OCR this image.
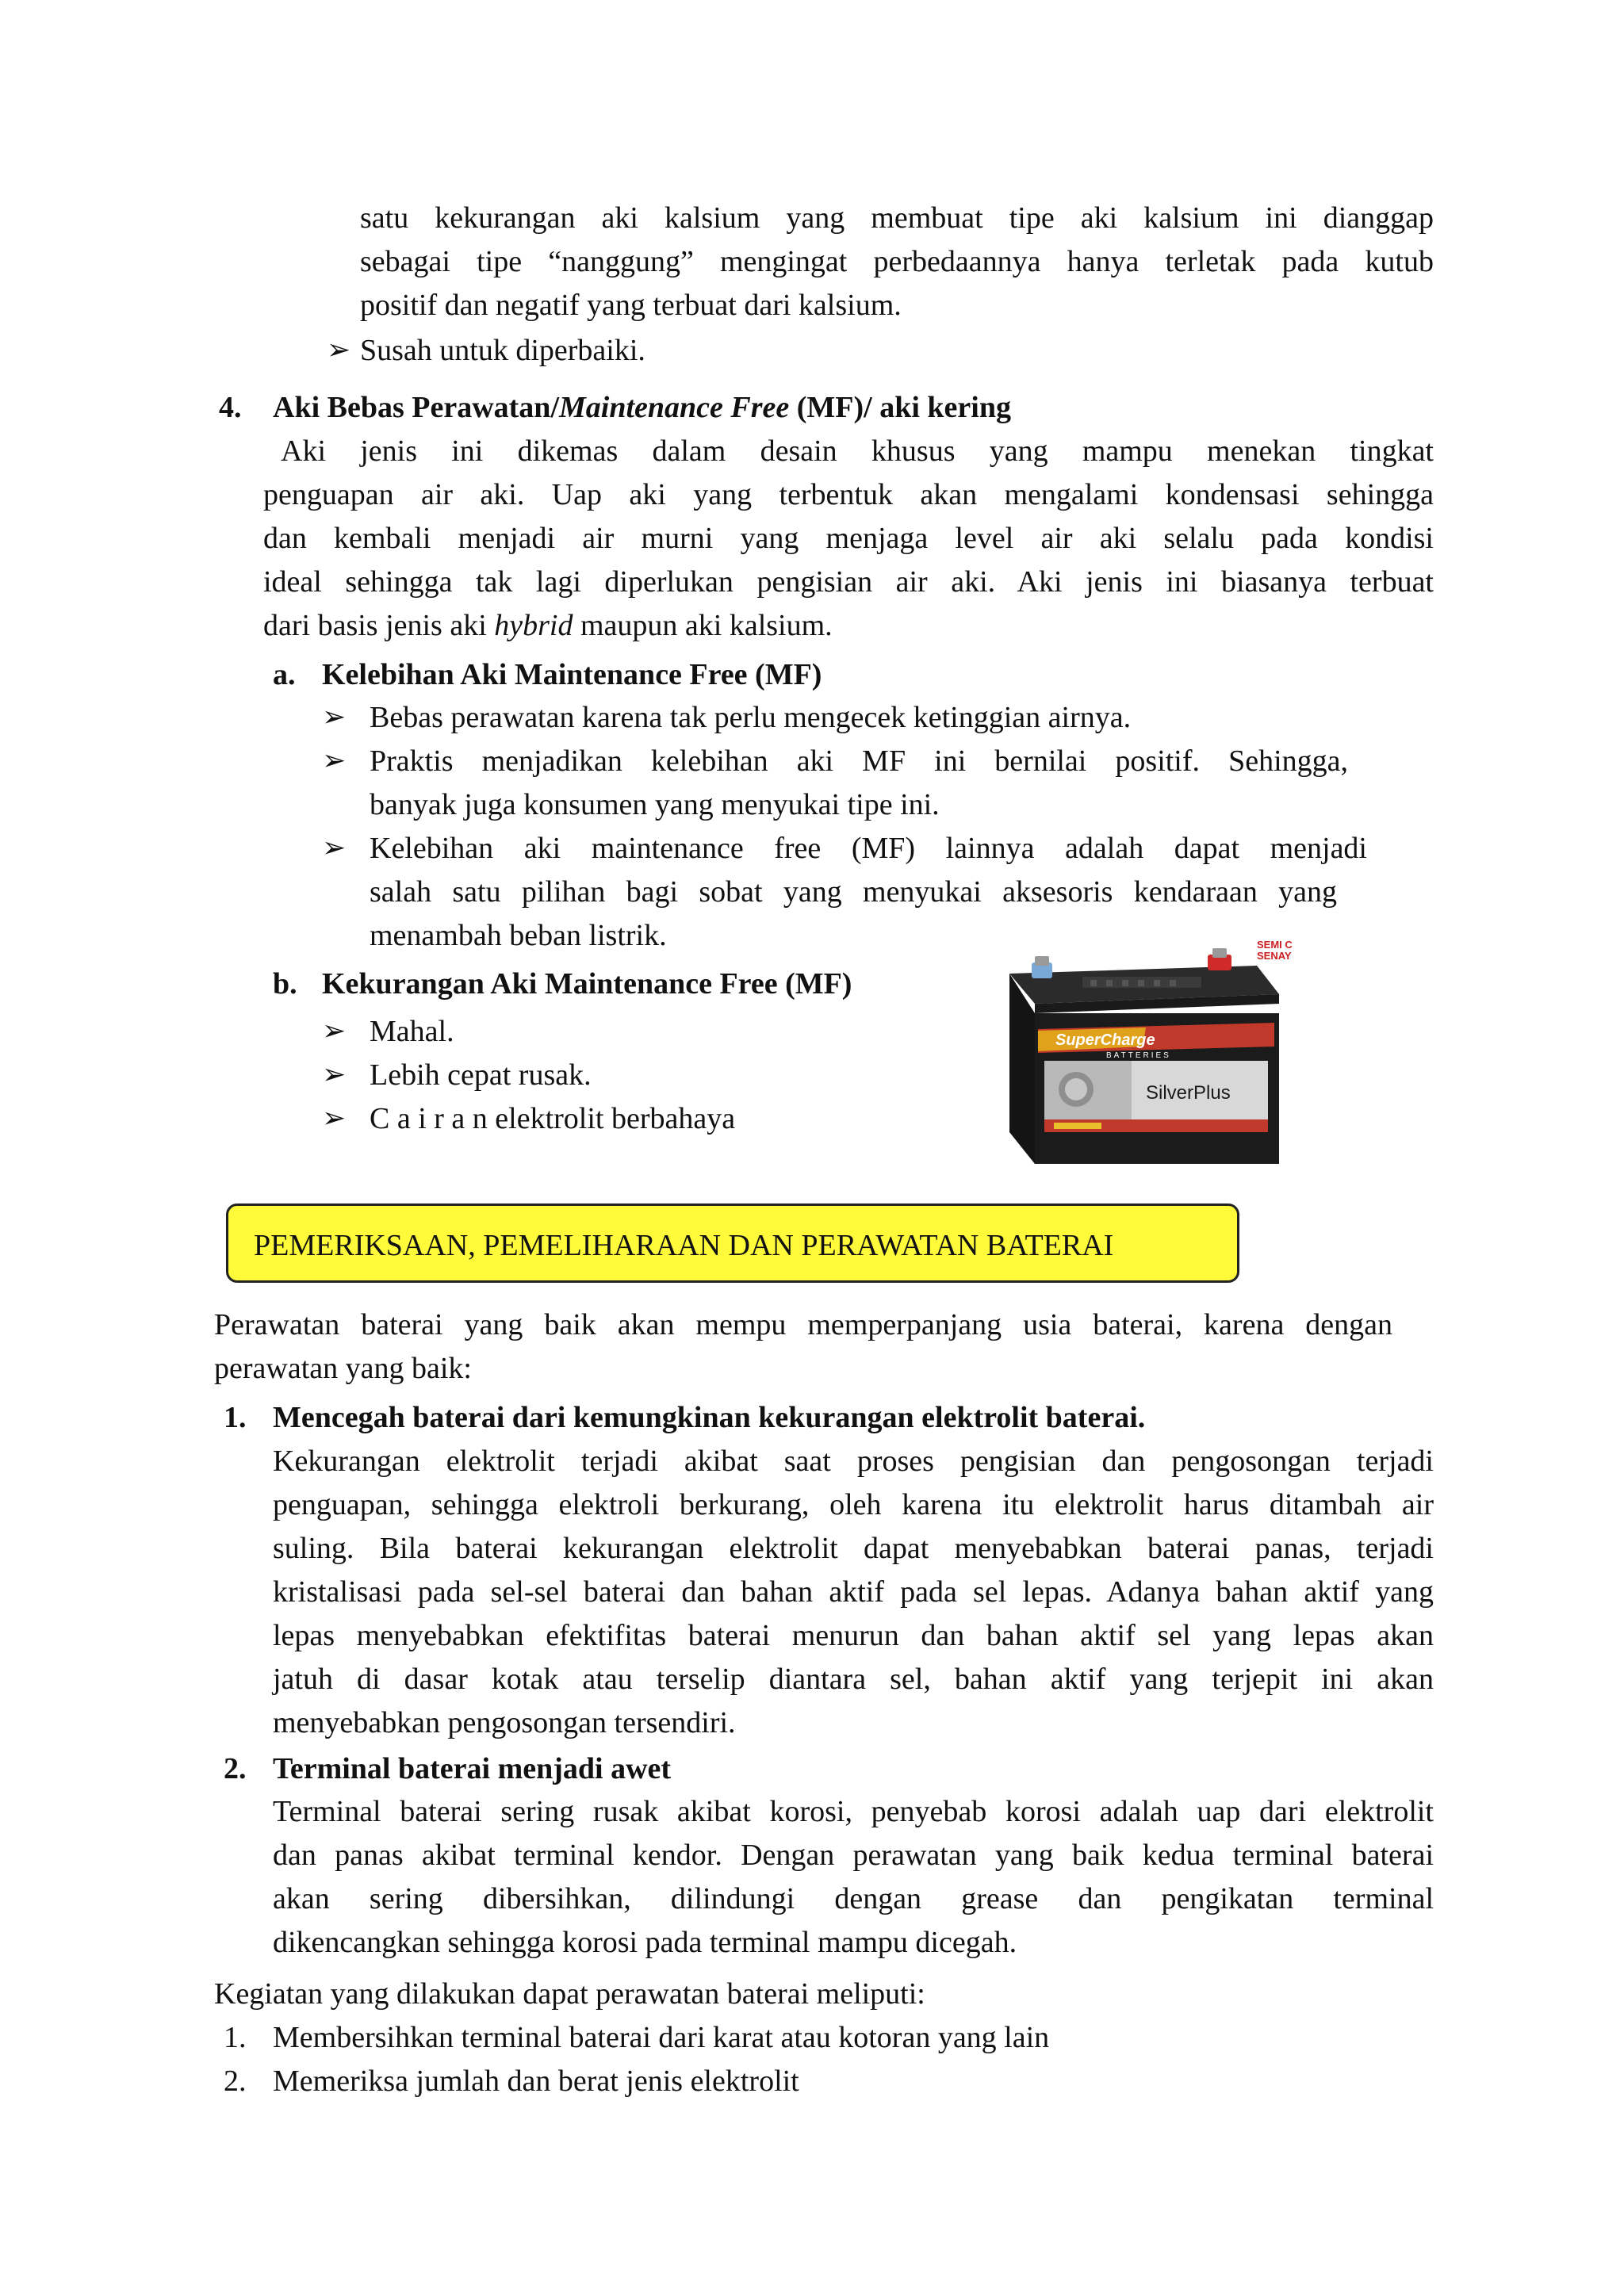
satu kekurangan aki kalsium yang membuat tipe aki kalsium ini dianggap
sebagai tipe “nanggung” mengingat perbedaannya hanya terletak pada kutub
positif dan negatif yang terbuat dari kalsium.
➢ Susah untuk diperbaiki.
4. Aki Bebas Perawatan/Maintenance Free (MF)/ aki kering
Aki jenis ini dikemas dalam desain khusus yang mampu menekan tingkat
penguapan air aki. Uap aki yang terbentuk akan mengalami kondensasi sehingga
dan kembali menjadi air murni yang menjaga level air aki selalu pada kondisi
ideal sehingga tak lagi diperlukan pengisian air aki. Aki jenis ini biasanya terbuat
dari basis jenis aki hybrid maupun aki kalsium.
a. Kelebihan Aki Maintenance Free (MF)
➢ Bebas perawatan karena tak perlu mengecek ketinggian airnya.
➢ Praktis menjadikan kelebihan aki MF ini bernilai positif. Sehingga,
banyak juga konsumen yang menyukai tipe ini.
➢ Kelebihan aki maintenance free (MF) lainnya adalah dapat menjadi
salah satu pilihan bagi sobat yang menyukai aksesoris kendaraan yang
menambah beban listrik.
b. Kekurangan Aki Maintenance Free (MF)
➢ Mahal.
➢ Lebih cepat rusak.
➢ C a i r a n elektrolit berbahaya
SuperCharge
BATTERIES
SilverPlus
SEMI C
SENAY
PEMERIKSAAN, PEMELIHARAAN DAN PERAWATAN BATERAI
Perawatan baterai yang baik akan mempu memperpanjang usia baterai, karena dengan
perawatan yang baik:
1. Mencegah baterai dari kemungkinan kekurangan elektrolit baterai.
Kekurangan elektrolit terjadi akibat saat proses pengisian dan pengosongan terjadi
penguapan, sehingga elektroli berkurang, oleh karena itu elektrolit harus ditambah air
suling. Bila baterai kekurangan elektrolit dapat menyebabkan baterai panas, terjadi
kristalisasi pada sel-sel baterai dan bahan aktif pada sel lepas. Adanya bahan aktif yang
lepas menyebabkan efektifitas baterai menurun dan bahan aktif sel yang lepas akan
jatuh di dasar kotak atau terselip diantara sel, bahan aktif yang terjepit ini akan
menyebabkan pengosongan tersendiri.
2. Terminal baterai menjadi awet
Terminal baterai sering rusak akibat korosi, penyebab korosi adalah uap dari elektrolit
dan panas akibat terminal kendor. Dengan perawatan yang baik kedua terminal baterai
akan sering dibersihkan, dilindungi dengan grease dan pengikatan terminal
dikencangkan sehingga korosi pada terminal mampu dicegah.
Kegiatan yang dilakukan dapat perawatan baterai meliputi:
1. Membersihkan terminal baterai dari karat atau kotoran yang lain
2. Memeriksa jumlah dan berat jenis elektrolit
